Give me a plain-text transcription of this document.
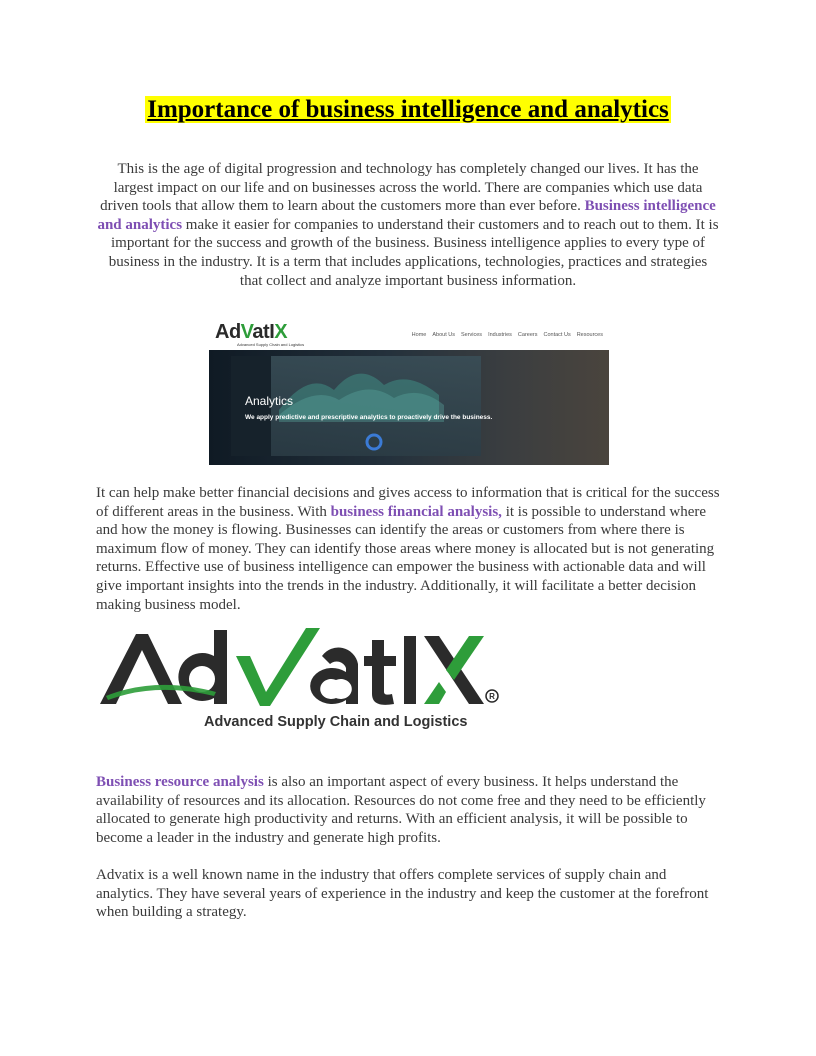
Importance of business intelligence and analytics

This is the age of digital progression and technology has completely changed our lives. It has the largest impact on our life and on businesses across the world. There are companies which use data driven tools that allow them to learn about the customers more than ever before. Business intelligence and analytics make it easier for companies to understand their customers and to reach out to them. It is important for the success and growth of the business. Business intelligence applies to every type of business in the industry. It is a term that includes applications, technologies, practices and strategies that collect and analyze important business information.

AdVatIX
Advanced Supply Chain and Logistics
Home About Us Services Industries Careers Contact Us Resources
Analytics
We apply predictive and prescriptive analytics to proactively drive the business.

It can help make better financial decisions and gives access to information that is critical for the success of different areas in the business. With business financial analysis, it is possible to understand where and how the money is flowing. Businesses can identify the areas or customers from where there is maximum flow of money. They can identify those areas where money is allocated but is not generating returns. Effective use of business intelligence can empower the business with actionable data and will give important insights into the trends in the industry. Additionally, it will facilitate a better decision making business model.

R
Advanced Supply Chain and Logistics

Business resource analysis is also an important aspect of every business. It helps understand the availability of resources and its allocation. Resources do not come free and they need to be efficiently allocated to generate high productivity and returns. With an efficient analysis, it will be possible to become a leader in the industry and generate high profits.

Advatix is a well known name in the industry that offers complete services of supply chain and analytics. They have several years of experience in the industry and keep the customer at the forefront when building a strategy.
